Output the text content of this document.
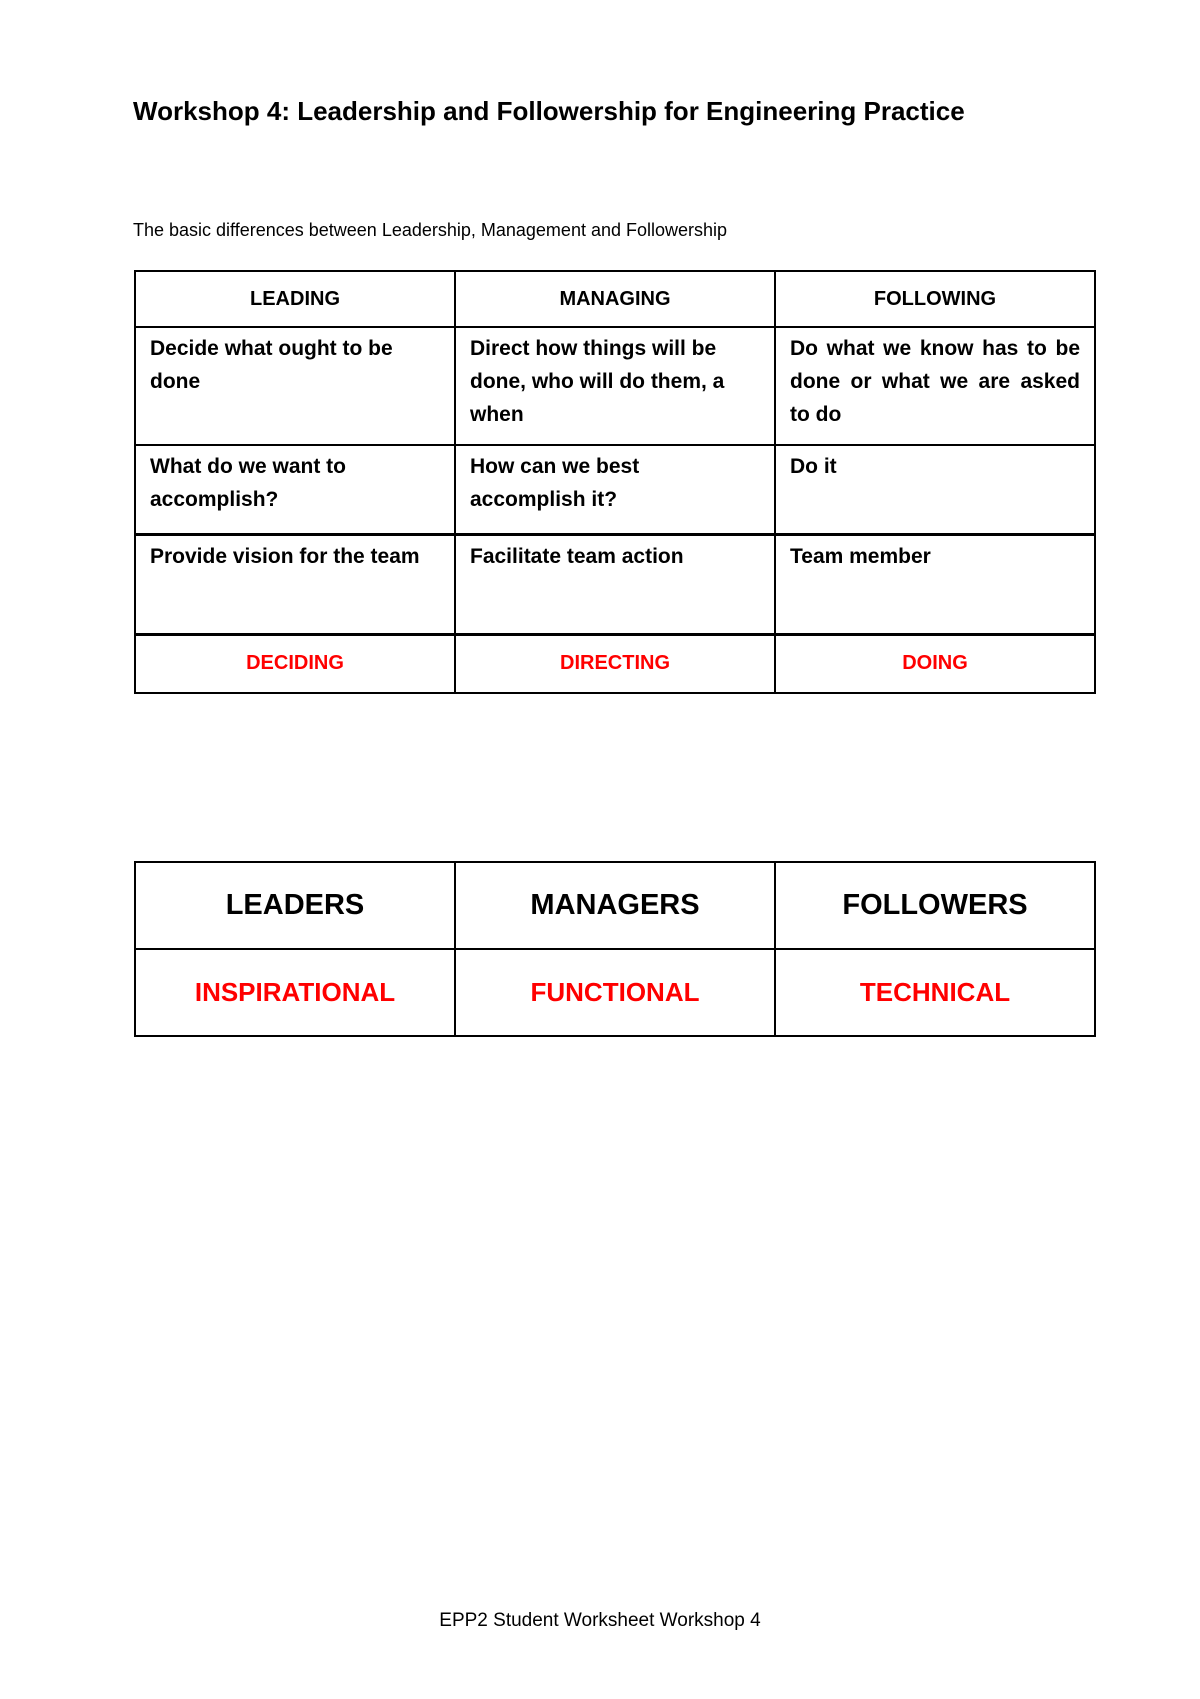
Workshop 4: Leadership and Followership for Engineering Practice
The basic differences between Leadership, Management and Followership
LEADING	MANAGING	FOLLOWING
Decide what ought to be done	Direct how things will be done, who will do them, a when	Do what we know has to be done or what we are asked to do
What do we want to accomplish?	How can we best accomplish it?	Do it
Provide vision for the team	Facilitate team action	Team member
DECIDING	DIRECTING	DOING
LEADERS	MANAGERS	FOLLOWERS
INSPIRATIONAL	FUNCTIONAL	TECHNICAL
EPP2 Student Worksheet Workshop 4
